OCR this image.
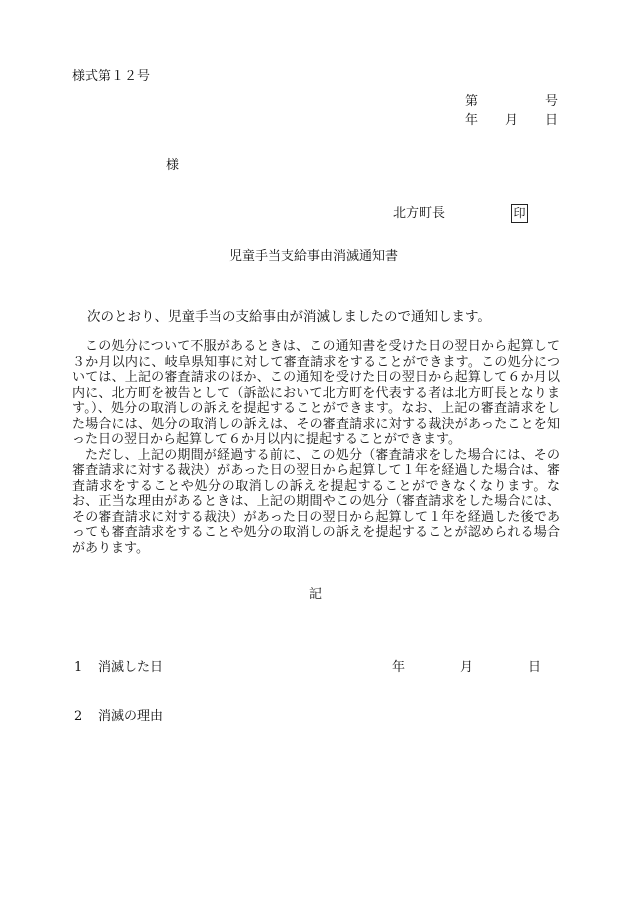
様式第１２号
第	号
年 月 日
様
北方町長	印
児童手当支給事由消滅通知書
次のとおり、児童手当の支給事由が消滅しましたので通知します。

この処分について不服があるときは、この通知書を受けた日の翌日から起算して３か月以内に、岐阜県知事に対して審査請求をすることができます。この処分については、上記の審査請求のほか、この通知を受けた日の翌日から起算して６か月以内に、北方町を被告として（訴訟において北方町を代表する者は北方町長となります。）、処分の取消しの訴えを提起することができます。なお、上記の審査請求をした場合には、処分の取消しの訴えは、その審査請求に対する裁決があったことを知った日の翌日から起算して６か月以内に提起することができます。

ただし、上記の期間が経過する前に、この処分（審査請求をした場合には、その審査請求に対する裁決）があった日の翌日から起算して１年を経過した場合は、審査請求をすることや処分の取消しの訴えを提起することができなくなります。なお、正当な理由があるときは、上記の期間やこの処分（審査請求をした場合には、その審査請求に対する裁決）があった日の翌日から起算して１年を経過した後であっても審査請求をすることや処分の取消しの訴えを提起することが認められる場合があります。

記
1 消滅した日	年	月	日
2 消滅の理由
